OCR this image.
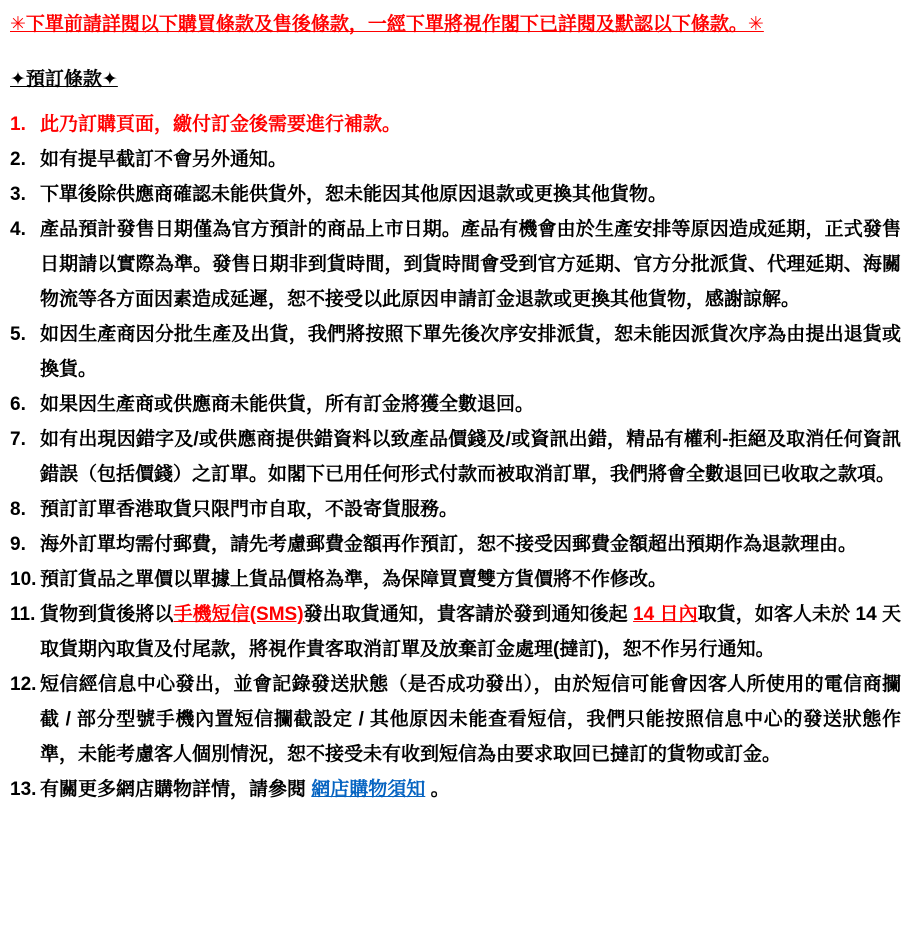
✳下單前請詳閱以下購買條款及售後條款，一經下單將視作閣下已詳閱及默認以下條款。✳

✦預訂條款✦

1. 此乃訂購頁面，繳付訂金後需要進行補款。
2. 如有提早截訂不會另外通知。
3. 下單後除供應商確認未能供貨外，恕未能因其他原因退款或更換其他貨物。
4. 產品預計發售日期僅為官方預計的商品上市日期。產品有機會由於生產安排等原因造成延期，正式發售日期請以實際為準。發售日期非到貨時間，到貨時間會受到官方延期、官方分批派貨、代理延期、海關物流等各方面因素造成延遲，恕不接受以此原因申請訂金退款或更換其他貨物，感謝諒解。
5. 如因生產商因分批生產及出貨，我們將按照下單先後次序安排派貨，恕未能因派貨次序為由提出退貨或換貨。
6. 如果因生產商或供應商未能供貨，所有訂金將獲全數退回。
7. 如有出現因錯字及/或供應商提供錯資料以致產品價錢及/或資訊出錯，精品有權利-拒絕及取消任何資訊錯誤（包括價錢）之訂單。如閣下已用任何形式付款而被取消訂單，我們將會全數退回已收取之款項。
8. 預訂訂單香港取貨只限門市自取，不設寄貨服務。
9. 海外訂單均需付郵費，請先考慮郵費金額再作預訂，恕不接受因郵費金額超出預期作為退款理由。
10. 預訂貨品之單價以單據上貨品價格為準，為保障買賣雙方貨價將不作修改。
11. 貨物到貨後將以手機短信(SMS)發出取貨通知，貴客請於發到通知後起 14 日內取貨，如客人未於 14 天取貨期內取貨及付尾款，將視作貴客取消訂單及放棄訂金處理(撻訂)，恕不作另行通知。
12. 短信經信息中心發出，並會記錄發送狀態（是否成功發出），由於短信可能會因客人所使用的電信商攔截 / 部分型號手機內置短信攔截設定 / 其他原因未能查看短信，我們只能按照信息中心的發送狀態作準，未能考慮客人個別情況，恕不接受未有收到短信為由要求取回已撻訂的貨物或訂金。
13. 有關更多網店購物詳情，請參閱 網店購物須知 。
